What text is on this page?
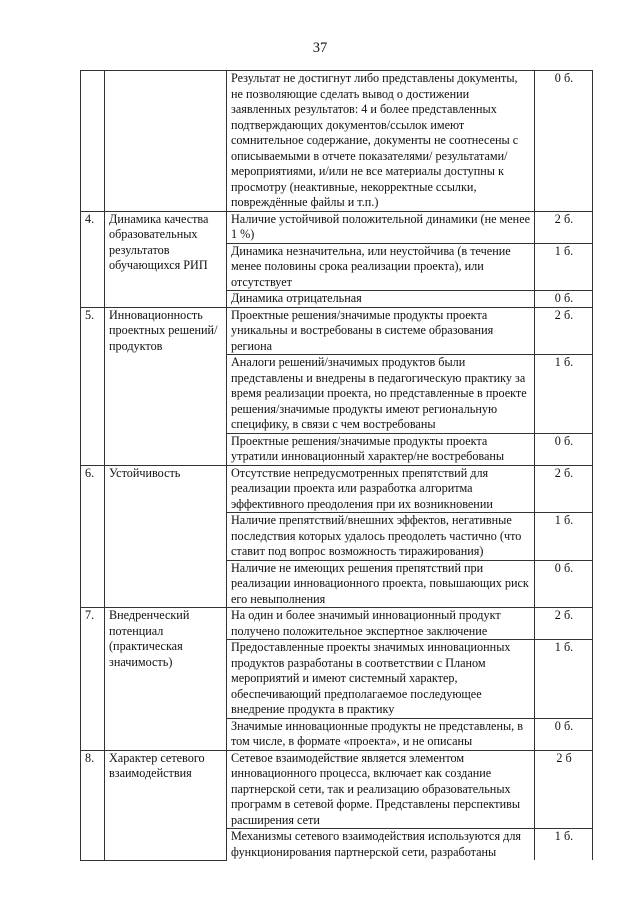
37
		Результат не достигнут либо представлены документы, не позволяющие сделать вывод о достижении заявленных результатов: 4 и более представленных подтверждающих документов/ссылок имеют сомнительное содержание, документы не соотнесены с описываемыми в отчете показателями/ результатами/мероприятиями, и/или не все материалы доступны к просмотру (неактивные, некорректные ссылки, повреждённые файлы и т.п.)	0 б.
4.	Динамика качества образовательных результатов обучающихся РИП	Наличие устойчивой положительной динамики (не менее 1 %)	2 б.
		Динамика незначительна, или неустойчива (в течение менее половины срока реализации проекта), или отсутствует	1 б.
		Динамика отрицательная	0 б.
5.	Инновационность проектных решений/продуктов	Проектные решения/значимые продукты проекта уникальны и востребованы в системе образования региона	2 б.
		Аналоги решений/значимых продуктов были представлены и внедрены в педагогическую практику за время реализации проекта, но представленные в проекте решения/значимые продукты имеют региональную специфику, в связи с чем востребованы	1 б.
		Проектные решения/значимые продукты проекта утратили инновационный характер/не востребованы	0 б.
6.	Устойчивость	Отсутствие непредусмотренных препятствий для реализации проекта или разработка алгоритма эффективного преодоления при их возникновении	2 б.
		Наличие препятствий/внешних эффектов, негативные последствия которых удалось преодолеть частично (что ставит под вопрос возможность тиражирования)	1 б.
		Наличие не имеющих решения препятствий при реализации инновационного проекта, повышающих риск его невыполнения	0 б.
7.	Внедренческий потенциал (практическая значимость)	На один и более значимый инновационный продукт получено положительное экспертное заключение	2 б.
		Предоставленные проекты значимых инновационных продуктов разработаны в соответствии с Планом мероприятий и имеют системный характер, обеспечивающий предполагаемое последующее внедрение продукта в практику	1 б.
		Значимые инновационные продукты не представлены, в том числе, в формате «проекта», и не описаны	0 б.
8.	Характер сетевого взаимодействия	Сетевое взаимодействие является элементом инновационного процесса, включает как создание партнерской сети, так и реализацию образовательных программ в сетевой форме. Представлены перспективы расширения сети	2 б
		Механизмы сетевого взаимодействия используются для функционирования партнерской сети, разработаны	1 б.
